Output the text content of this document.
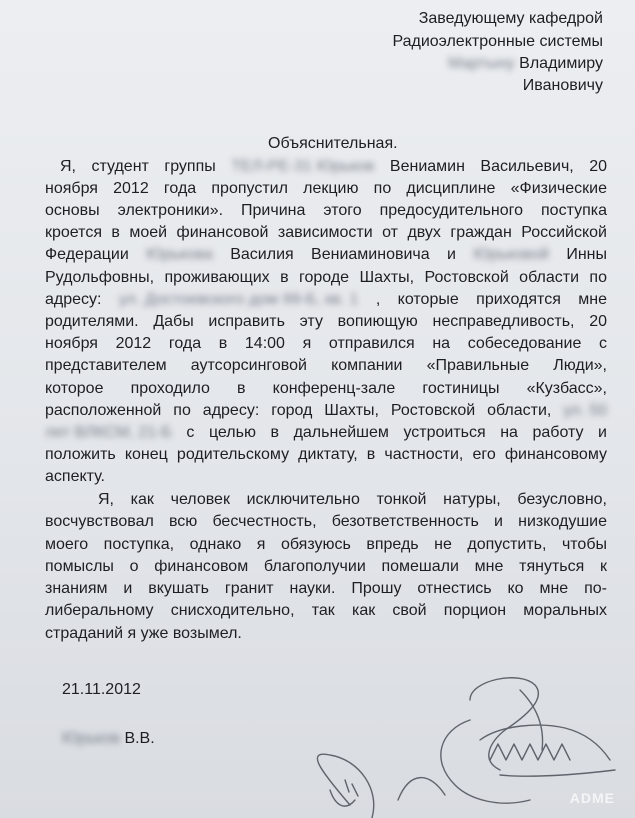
Заведующему кафедрой
Радиоэлектронные системы
Мартыну Владимиру
Ивановичу
Объяснительная.
Я, студент группы ТЕЛ-РЕ-31 Юрьков Вениамин Васильевич, 20
ноября 2012 года пропустил лекцию по дисциплине «Физические
основы электроники». Причина этого предосудительного поступка
кроется в моей финансовой зависимости от двух граждан Российской
Федерации Юрькова Василия Вениаминовича и Юрьковой Инны
Рудольфовны, проживающих в городе Шахты, Ростовской области по
адресу: ул. Достоевского дом 99-Б, кв. 1 , которые приходятся мне
родителями. Дабы исправить эту вопиющую несправедливость, 20
ноября 2012 года в 14:00 я отправился на собеседование с
представителем аутсорсинговой компании «Правильные Люди»,
которое проходило в конференц-зале гостиницы «Кузбасс»,
расположенной по адресу: город Шахты, Ростовской области, ул. 50
лет ВЛКСМ, 21-Б с целью в дальнейшем устроиться на работу и
положить конец родительскому диктату, в частности, его финансовому
аспекту.
Я, как человек исключительно тонкой натуры, безусловно,
восчувствовал всю бесчестность, безответственность и низкодушие
моего поступка, однако я обязуюсь впредь не допустить, чтобы
помыслы о финансовом благополучии помешали мне тянуться к
знаниям и вкушать гранит науки. Прошу отнестись ко мне по-
либеральному снисходительно, так как свой порцион моральных
страданий я уже возымел.
21.11.2012
Юрьков В.В.
ADME
